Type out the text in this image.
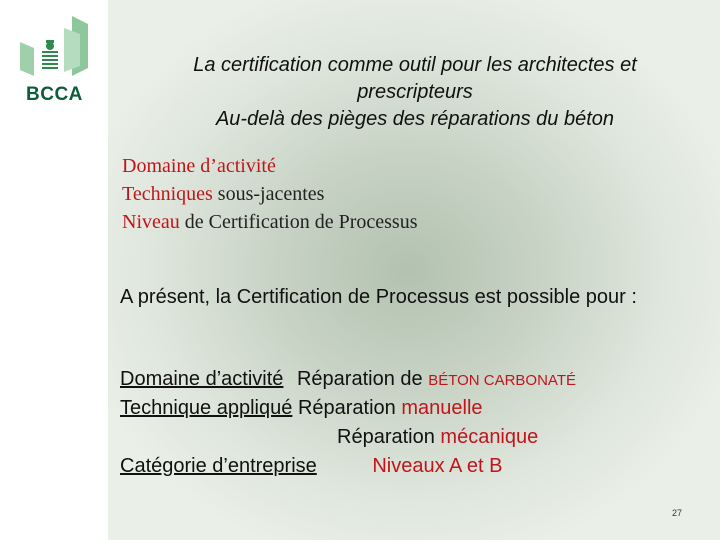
BCCA
La certification comme outil pour les architectes et
prescripteurs
Au-delà des pièges des réparations du béton
Domaine d’activité
Techniques sous-jacentes
Niveau de Certification de Processus
A présent, la Certification de Processus est possible pour :
Domaine d’activité Réparation de BÉTON CARBONATÉ
Technique appliqué Réparation manuelle
Réparation mécanique
Catégorie d’entreprise	Niveaux A et B
27
